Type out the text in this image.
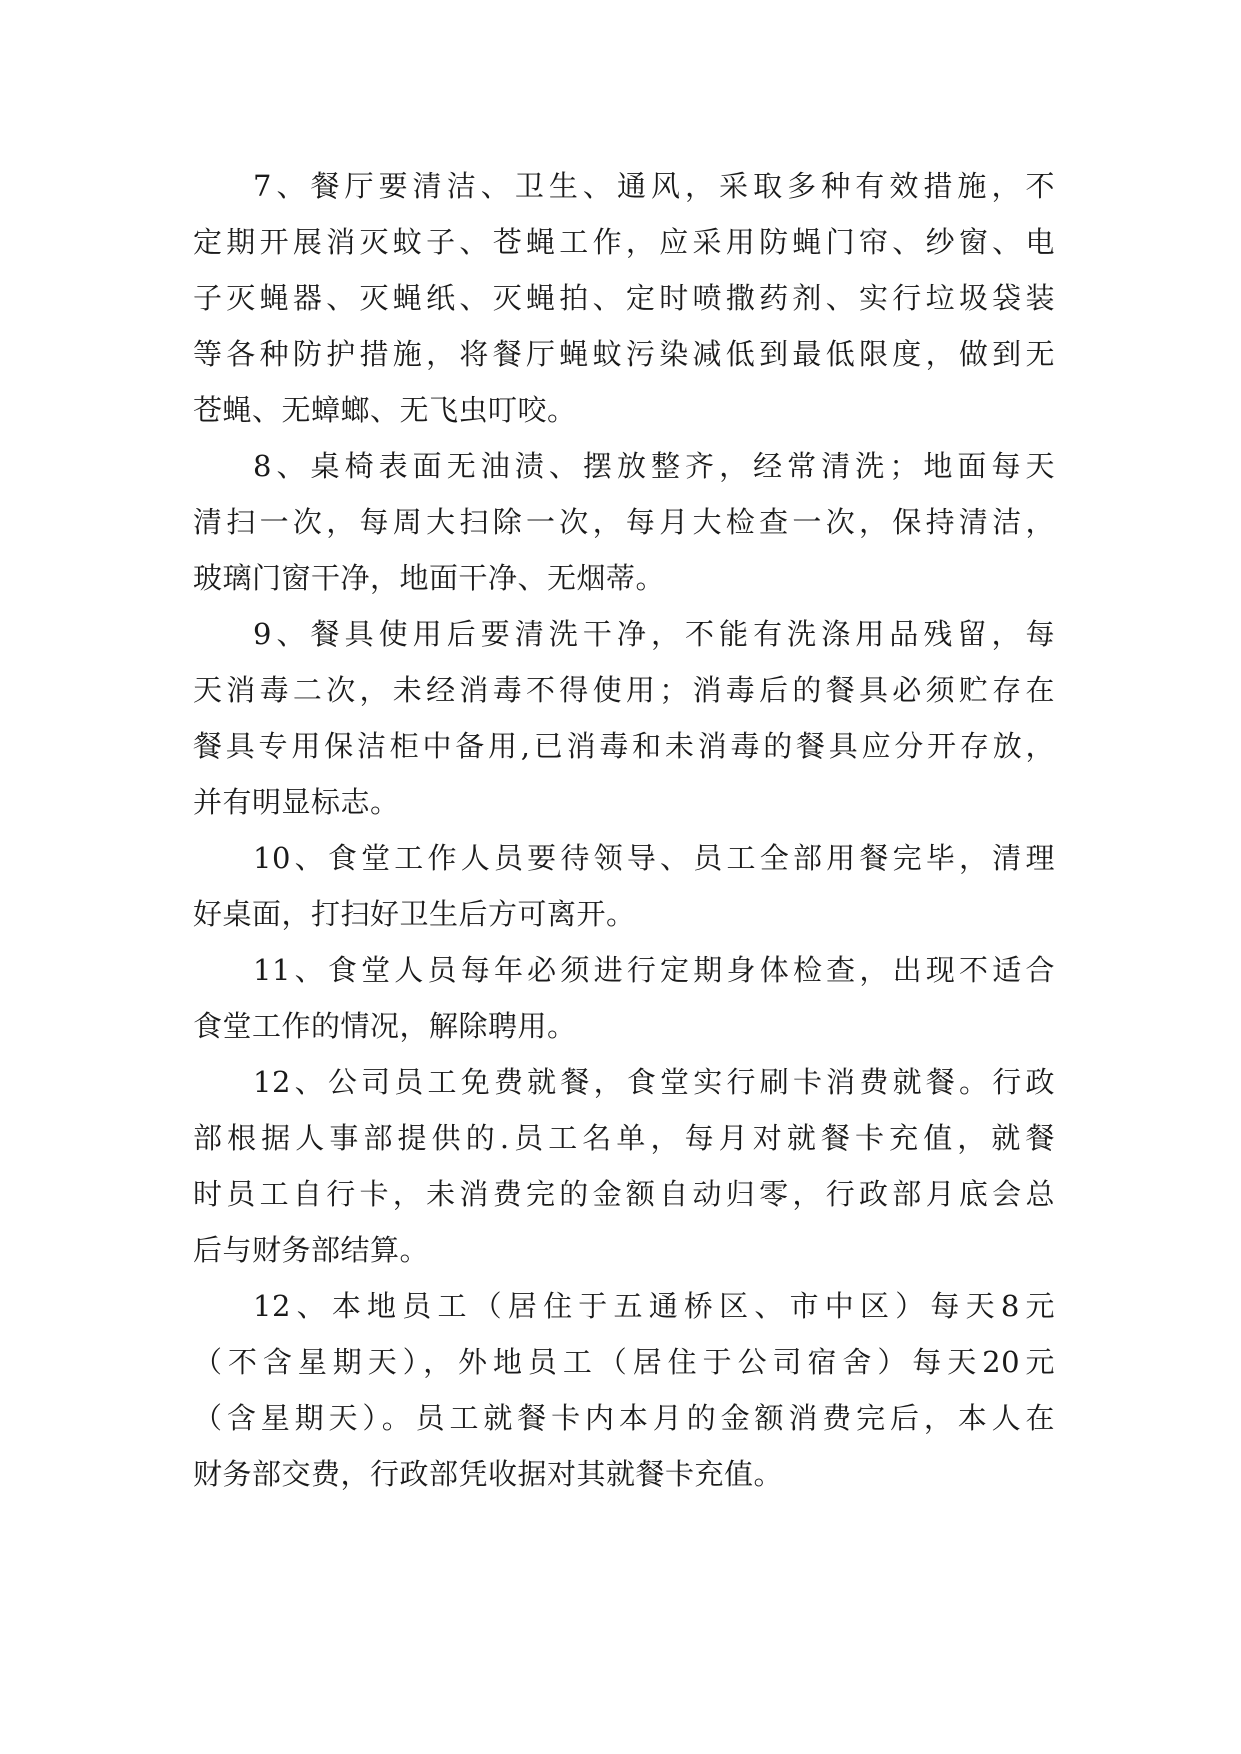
7、餐厅要清洁、卫生、通风，采取多种有效措施，不
定期开展消灭蚊子、苍蝇工作，应采用防蝇门帘、纱窗、电
子灭蝇器、灭蝇纸、灭蝇拍、定时喷撒药剂、实行垃圾袋装
等各种防护措施，将餐厅蝇蚊污染减低到最低限度，做到无
苍蝇、无蟑螂、无飞虫叮咬。
8、桌椅表面无油渍、摆放整齐，经常清洗；地面每天
清扫一次，每周大扫除一次，每月大检查一次，保持清洁，
玻璃门窗干净，地面干净、无烟蒂。
9、餐具使用后要清洗干净，不能有洗涤用品残留，每
天消毒二次，未经消毒不得使用；消毒后的餐具必须贮存在
餐具专用保洁柜中备用,已消毒和未消毒的餐具应分开存放，
并有明显标志。
10、食堂工作人员要待领导、员工全部用餐完毕，清理
好桌面，打扫好卫生后方可离开。
11、食堂人员每年必须进行定期身体检查，出现不适合
食堂工作的情况，解除聘用。
12、公司员工免费就餐，食堂实行刷卡消费就餐。行政
部根据人事部提供的.员工名单，每月对就餐卡充值，就餐
时员工自行卡，未消费完的金额自动归零，行政部月底会总
后与财务部结算。
12、本地员工（居住于五通桥区、市中区）每天8元
（不含星期天），外地员工（居住于公司宿舍）每天20元
（含星期天）。员工就餐卡内本月的金额消费完后，本人在
财务部交费，行政部凭收据对其就餐卡充值。
